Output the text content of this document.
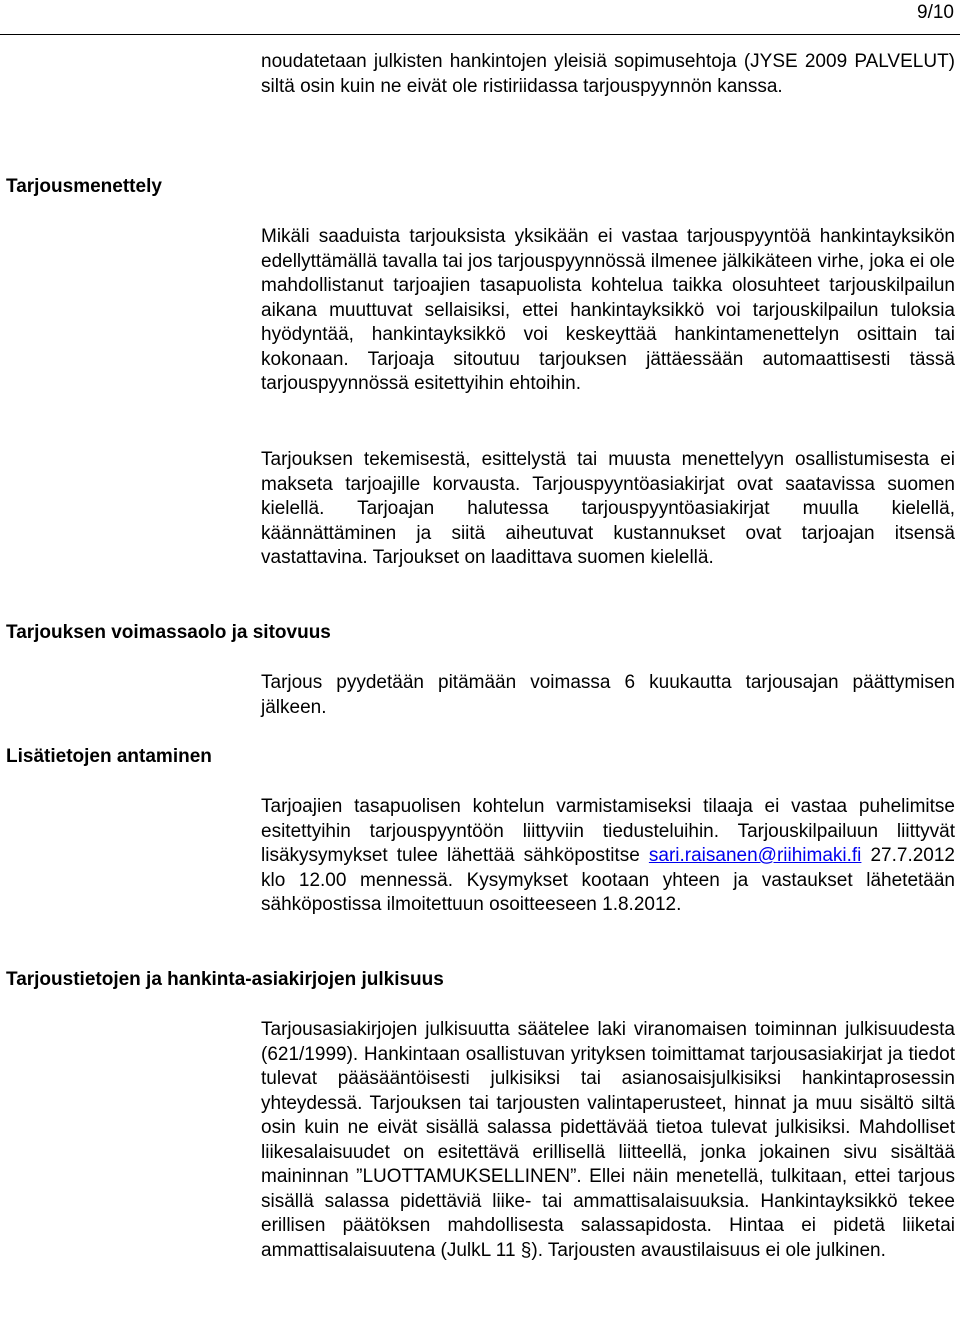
9/10

noudatetaan julkisten hankintojen yleisiä sopimusehtoja (JYSE 2009 PALVELUT) siltä osin kuin ne eivät ole ristiriidassa tarjouspyynnön kanssa.

Tarjousmenettely

Mikäli saaduista tarjouksista yksikään ei vastaa tarjouspyyntöä hankintayksikön edellyttämällä tavalla tai jos tarjouspyynnössä ilmenee jälkikäteen virhe, joka ei ole mahdollistanut tarjoajien tasapuolista kohtelua taikka olosuhteet tarjouskilpailun aikana muuttuvat sellaisiksi, ettei hankintayksikkö voi tarjouskilpailun tuloksia hyödyntää, hankintayksikkö voi keskeyttää hankintamenettelyn osittain tai kokonaan. Tarjoaja sitoutuu tarjouksen jättäessään automaattisesti tässä tarjouspyynnössä esitettyihin ehtoihin.

Tarjouksen tekemisestä, esittelystä tai muusta menettelyyn osallistumisesta ei makseta tarjoajille korvausta. Tarjouspyyntöasiakirjat ovat saatavissa suomen kielellä. Tarjoajan halutessa tarjouspyyntöasiakirjat muulla kielellä, käännättäminen ja siitä aiheutuvat kustannukset ovat tarjoajan itsensä vastattavina. Tarjoukset on laadittava suomen kielellä.

Tarjouksen voimassaolo ja sitovuus

Tarjous pyydetään pitämään voimassa 6 kuukautta tarjousajan päättymisen jälkeen.

Lisätietojen antaminen

Tarjoajien tasapuolisen kohtelun varmistamiseksi tilaaja ei vastaa puhelimitse esitettyihin tarjouspyyntöön liittyviin tiedusteluihin. Tarjouskilpailuun liittyvät lisäkysymykset tulee lähettää sähköpostitse sari.raisanen@riihimaki.fi 27.7.2012 klo 12.00 mennessä. Kysymykset kootaan yhteen ja vastaukset lähetetään sähköpostissa ilmoitettuun osoitteeseen 1.8.2012.

Tarjoustietojen ja hankinta-asiakirjojen julkisuus

Tarjousasiakirjojen julkisuutta säätelee laki viranomaisen toiminnan julkisuudesta (621/1999). Hankintaan osallistuvan yrityksen toimittamat tarjousasiakirjat ja tiedot tulevat pääsääntöisesti julkisiksi tai asianosaisjulkisiksi hankintaprosessin yhteydessä. Tarjouksen tai tarjousten valintaperusteet, hinnat ja muu sisältö siltä osin kuin ne eivät sisällä salassa pidettävää tietoa tulevat julkisiksi. Mahdolliset liikesalaisuudet on esitettävä erillisellä liitteellä, jonka jokainen sivu sisältää maininnan ”LUOTTAMUKSELLINEN”. Ellei näin menetellä, tulkitaan, ettei tarjous sisällä salassa pidettäviä liike- tai ammattisalaisuuksia. Hankintayksikkö tekee erillisen päätöksen mahdollisesta salassapidosta. Hintaa ei pidetä liiketai ammattisalaisuutena (JulkL 11 §). Tarjousten avaustilaisuus ei ole julkinen.
